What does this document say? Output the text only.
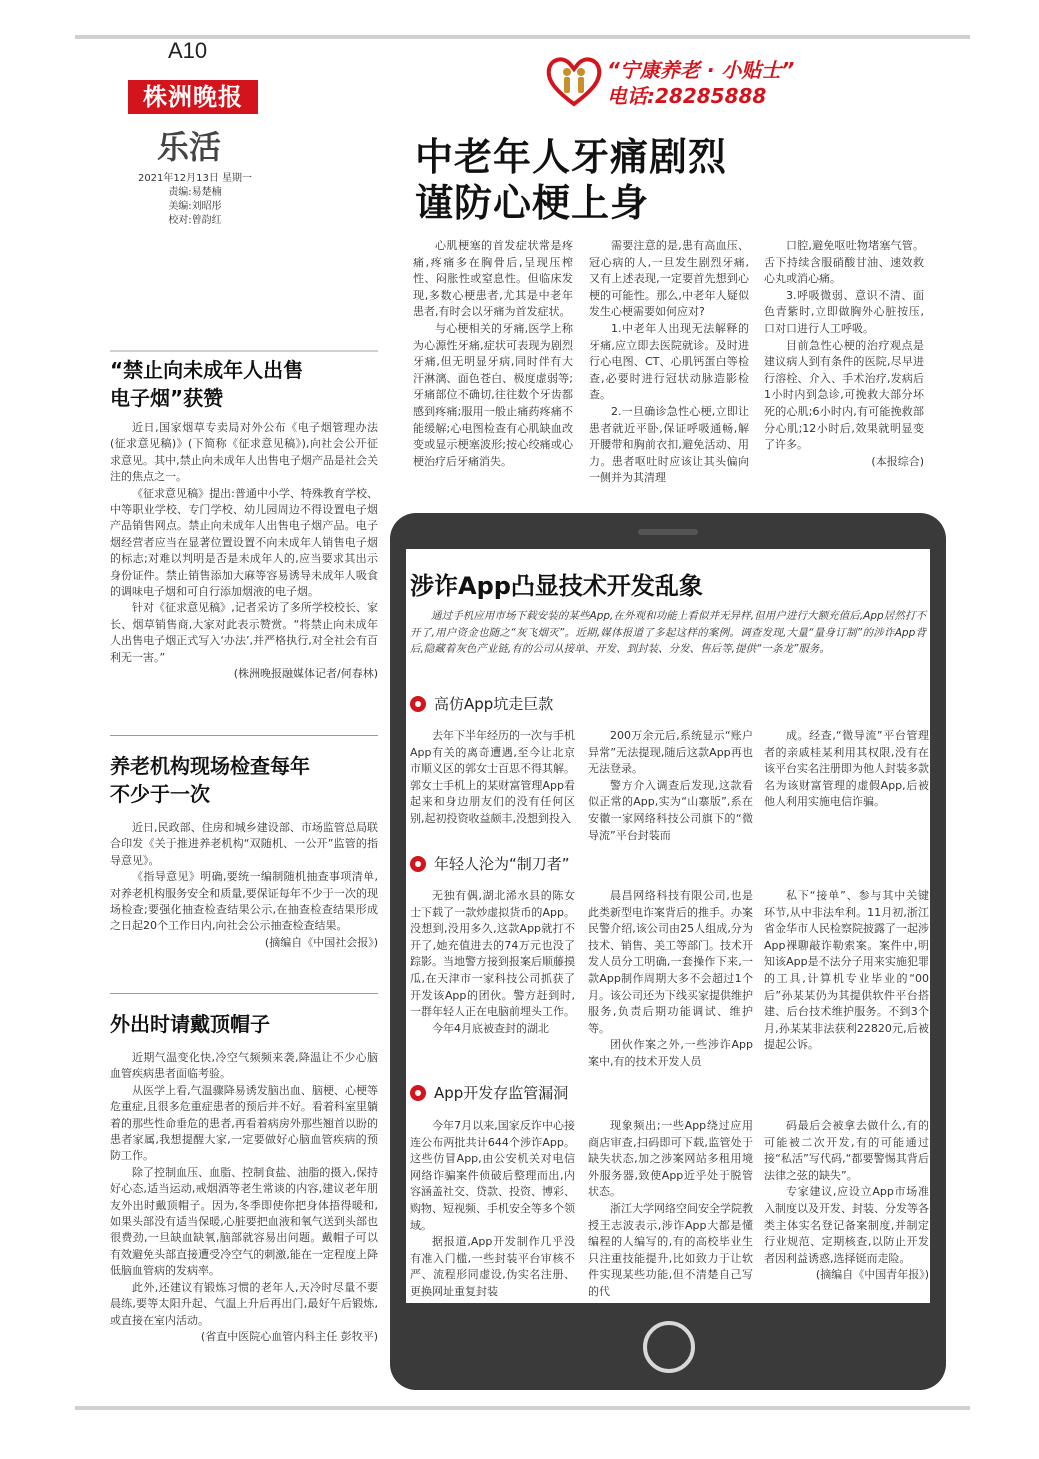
A10
株洲晚报
乐活
2021年12月13日 星期一
责编:易楚楠
美编:刘昭彤
校对:曾韵红
“宁康养老 · 小贴士”
电话:28285888
中老年人牙痛剧烈
谨防心梗上身

心肌梗塞的首发症状常是疼痛,疼痛多在胸骨后,呈现压榨性、闷胀性或窒息性。但临床发现,多数心梗患者,尤其是中老年患者,有时会以牙痛为首发症状。

与心梗相关的牙痛,医学上称为心源性牙痛,症状可表现为剧烈牙痛,但无明显牙病,同时伴有大汗淋漓、面色苍白、极度虚弱等;牙痛部位不确切,往往数个牙齿都感到疼痛;服用一般止痛药疼痛不能缓解;心电图检查有心肌缺血改变或显示梗塞波形;按心绞痛或心梗治疗后牙痛消失。

需要注意的是,患有高血压、冠心病的人,一旦发生剧烈牙痛,又有上述表现,一定要首先想到心梗的可能性。那么,中老年人疑似发生心梗需要如何应对?

1.中老年人出现无法解释的牙痛,应立即去医院就诊。及时进行心电图、CT、心肌钙蛋白等检查,必要时进行冠状动脉造影检查。

2.一旦确诊急性心梗,立即让患者就近平卧,保证呼吸通畅,解开腰带和胸前衣扣,避免活动、用力。患者呕吐时应该让其头偏向一侧并为其清理

口腔,避免呕吐物堵塞气管。舌下持续含服硝酸甘油、速效救心丸或消心痛。

3.呼吸微弱、意识不清、面色青紫时,立即做胸外心脏按压,口对口进行人工呼吸。

目前急性心梗的治疗观点是建议病人到有条件的医院,尽早进行溶栓、介入、手术治疗,发病后1小时内到急诊,可挽救大部分坏死的心肌;6小时内,有可能挽救部分心肌;12小时后,效果就明显变了许多。

(本报综合)

“禁止向未成年人出售
电子烟”获赞

近日,国家烟草专卖局对外公布《电子烟管理办法(征求意见稿)》(下简称《征求意见稿》),向社会公开征求意见。其中,禁止向未成年人出售电子烟产品是社会关注的焦点之一。

《征求意见稿》提出:普通中小学、特殊教育学校、中等职业学校、专门学校、幼儿园周边不得设置电子烟产品销售网点。禁止向未成年人出售电子烟产品。电子烟经营者应当在显著位置设置不向未成年人销售电子烟的标志;对难以判明是否是未成年人的,应当要求其出示身份证件。禁止销售添加大麻等容易诱导未成年人吸食的调味电子烟和可自行添加烟液的电子烟。

针对《征求意见稿》,记者采访了多所学校校长、家长、烟草销售商,大家对此表示赞赏。“将禁止向未成年人出售电子烟正式写入‘办法’,并严格执行,对全社会有百利无一害。”

(株洲晚报融媒体记者/何春林)

养老机构现场检查每年
不少于一次

近日,民政部、住房和城乡建设部、市场监管总局联合印发《关于推进养老机构“双随机、一公开”监管的指导意见》。

《指导意见》明确,要统一编制随机抽查事项清单,对养老机构服务安全和质量,要保证每年不少于一次的现场检查;要强化抽查检查结果公示,在抽查检查结果形成之日起20个工作日内,向社会公示抽查检查结果。

(摘编自《中国社会报》)

外出时请戴顶帽子

近期气温变化快,冷空气频频来袭,降温让不少心脑血管疾病患者面临考验。

从医学上看,气温骤降易诱发脑出血、脑梗、心梗等危重症,且很多危重症患者的预后并不好。看着科室里躺着的那些性命垂危的患者,再看着病房外那些翘首以盼的患者家属,我想提醒大家,一定要做好心脑血管疾病的预防工作。

除了控制血压、血脂、控制食盐、油脂的摄入,保持好心态,适当运动,戒烟酒等老生常谈的内容,建议老年朋友外出时戴顶帽子。因为,冬季即使你把身体捂得暖和,如果头部没有适当保暖,心脏要把血液和氧气送到头部也很费劲,一旦缺血缺氧,脑部就容易出问题。戴帽子可以有效避免头部直接遭受冷空气的刺激,能在一定程度上降低脑血管病的发病率。

此外,还建议有锻炼习惯的老年人,天冷时尽量不要晨练,要等太阳升起、气温上升后再出门,最好午后锻炼,或直接在室内活动。

(省直中医院心血管内科主任 彭牧平)

涉诈App凸显技术开发乱象
通过手机应用市场下载安装的某些App,在外观和功能上看似并无异样,但用户进行大额充值后,App居然打不开了,用户资金也随之“灰飞烟灭”。近期,媒体报道了多起这样的案例。调查发现,大量“量身订制”的涉诈App背后,隐藏着灰色产业链,有的公司从接单、开发、到封装、分发、售后等,提供“一条龙”服务。
高仿App坑走巨款

去年下半年经历的一次与手机App有关的离奇遭遇,至今让北京市顺义区的郭女士百思不得其解。郭女士手机上的某财富管理App看起来和身边朋友们的没有任何区别,起初投资收益颇丰,没想到投入

200万余元后,系统显示“账户异常”无法提现,随后这款App再也无法登录。

警方介入调查后发现,这款看似正常的App,实为“山寨版”,系在安徽一家网络科技公司旗下的“微导流”平台封装而

成。经查,“微导流”平台管理者的亲戚桂某利用其权限,没有在该平台实名注册即为他人封装多款名为该财富管理的虚假App,后被他人利用实施电信诈骗。

年轻人沦为“制刀者”

无独有偶,湖北浠水县的陈女士下载了一款炒虚拟货币的App。没想到,没用多久,这款App就打不开了,她充值进去的74万元也没了踪影。当地警方接到报案后顺藤摸瓜,在天津市一家科技公司抓获了开发该App的团伙。警方赶到时,一群年轻人正在电脑前埋头工作。

今年4月底被查封的湖北

晨昌网络科技有限公司,也是此类新型电诈案背后的推手。办案民警介绍,该公司由25人组成,分为技术、销售、美工等部门。技术开发人员分工明确,一套操作下来,一款App制作周期大多不会超过1个月。该公司还为下线买家提供维护服务,负责后期功能调试、维护等。

团伙作案之外,一些涉诈App案中,有的技术开发人员

私下“接单”、参与其中关键环节,从中非法牟利。11月初,浙江省金华市人民检察院披露了一起涉App裸聊敲诈勒索案。案件中,明知该App是不法分子用来实施犯罪的工具,计算机专业毕业的“00后”孙某某仍为其提供软件平台搭建、后台技术维护服务。不到3个月,孙某某非法获利22820元,后被提起公诉。

App开发存监管漏洞

今年7月以来,国家反诈中心接连公布两批共计644个涉诈App。这些仿冒App,由公安机关对电信网络诈骗案件侦破后整理而出,内容涵盖社交、贷款、投资、博彩、购物、短视频、手机安全等多个领域。

据报道,App开发制作几乎没有准入门槛,一些封装平台审核不严、流程形同虚设,伪实名注册、更换网址重复封装

现象频出;一些App绕过应用商店审查,扫码即可下载,监管处于缺失状态,加之涉案网站多租用境外服务器,致使App近乎处于脱管状态。

浙江大学网络空间安全学院教授王志波表示,涉诈App大都是懂编程的人编写的,有的高校毕业生只注重技能提升,比如致力于让软件实现某些功能,但不清楚自己写的代

码最后会被拿去做什么,有的可能被二次开发,有的可能通过接“私活”写代码,“都要警惕其背后法律之弦的缺失”。

专家建议,应设立App市场准入制度以及开发、封装、分发等各类主体实名登记备案制度,并制定行业规范、定期核查,以防止开发者因利益诱惑,选择铤而走险。

(摘编自《中国青年报》)
